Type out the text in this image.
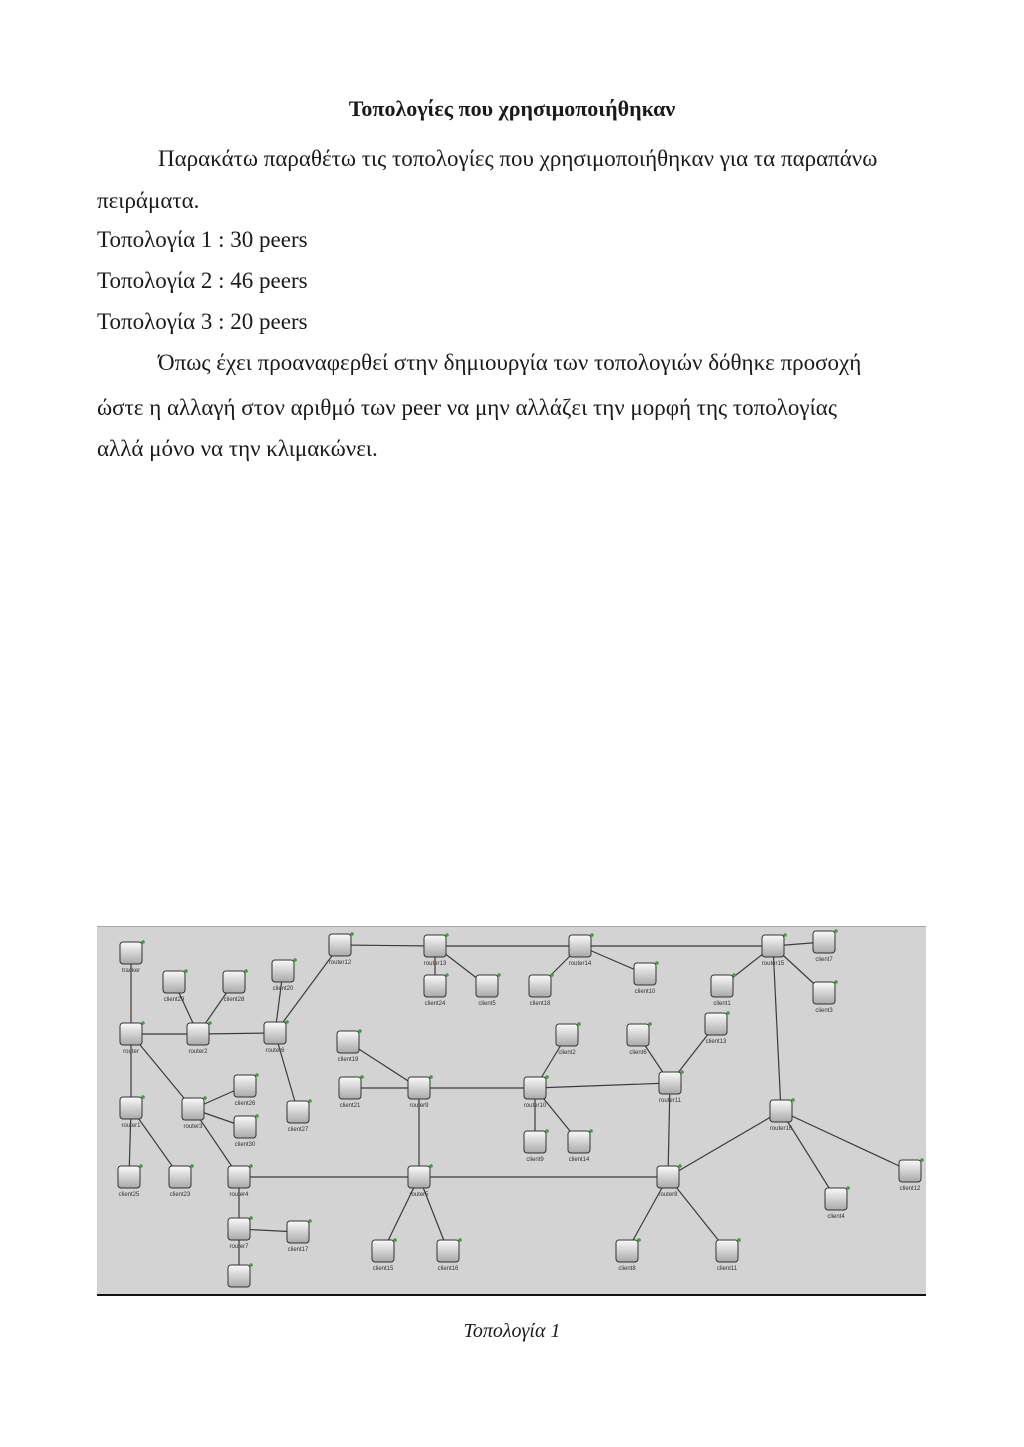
Τοπολογίες που χρησιμοποιήθηκαν

Παρακάτω παραθέτω τις τοπολογίες που χρησιμοποιήθηκαν για τα παραπάνω

πειράματα.

Τοπολογία 1 : 30 peers

Τοπολογία 2 : 46 peers

Τοπολογία 3 : 20 peers

Όπως έχει προαναφερθεί στην δημιουργία των τοπολογιών δόθηκε προσοχή

ώστε η αλλαγή στον αριθμό των peer να μην αλλάζει την μορφή της τοπολογίας

αλλά μόνο να την κλιμακώνει.

tracker
router	router2	router6
router3
router1
router4
router7
router12	router13	router14	router15
router9	router10
router11
router5	router8
router16
client29	client28
client20
client26
client30
client27
client25	client23
client17
client24	client5	client18
client10
client1
client7
client3
client19
client21
client2	client6
client13
client9	client14
client15	client16	client8	client11
client4
client12

Τοπολογία 1
